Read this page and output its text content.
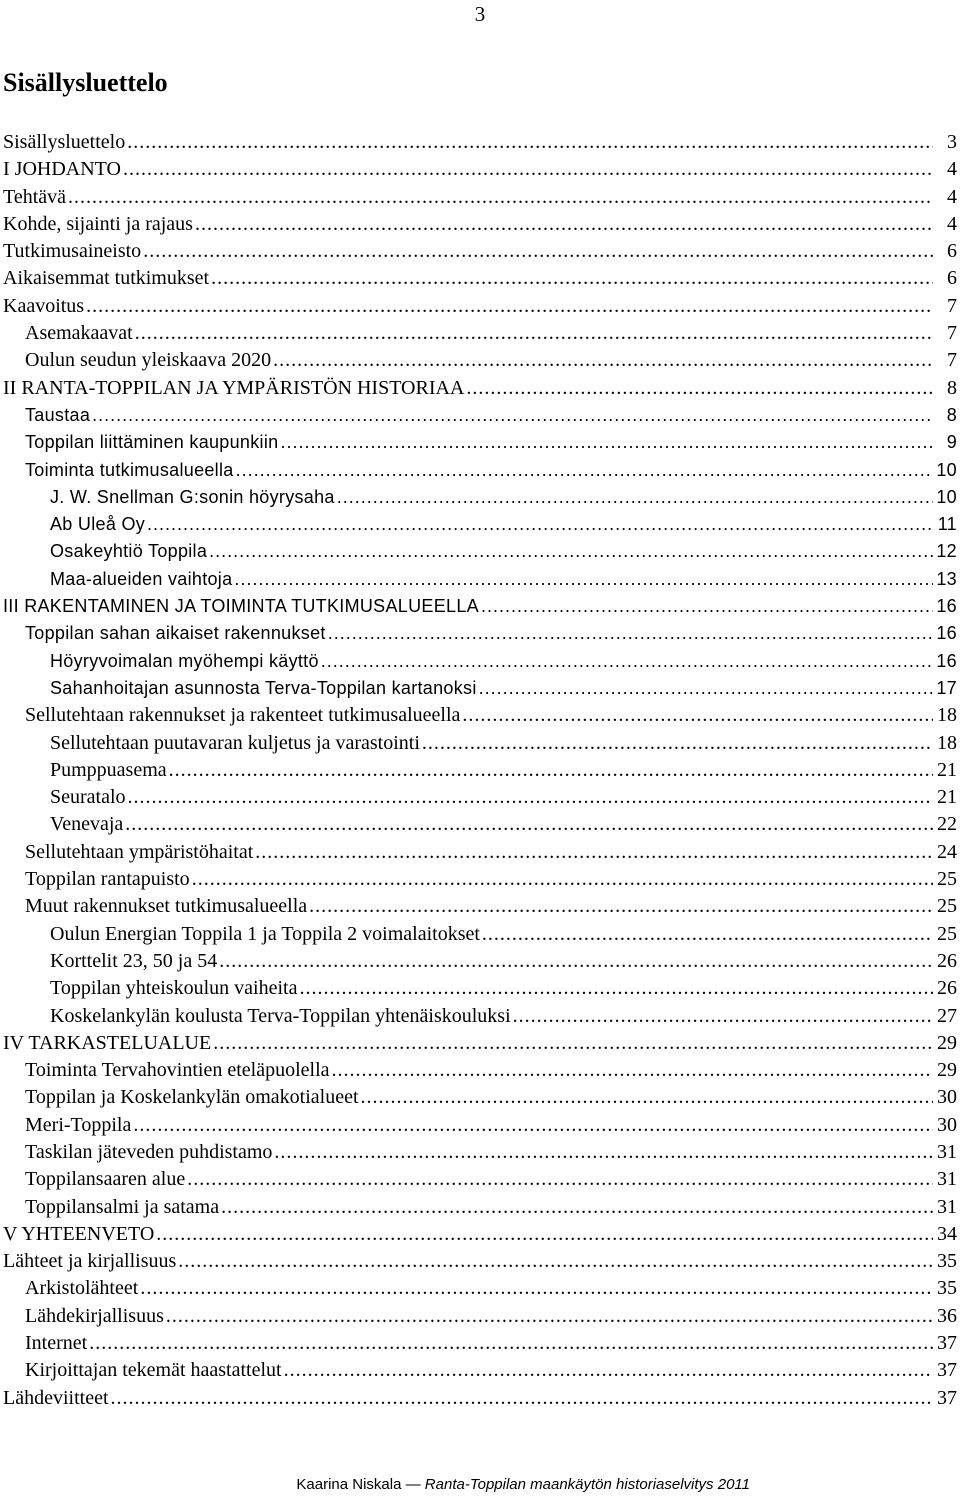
3
Sisällysluettelo
Sisällysluettelo .....	3
I JOHDANTO .....	4
Tehtävä .....	4
Kohde, sijainti ja rajaus .....	4
Tutkimusaineisto .....	6
Aikaisemmat tutkimukset .....	6
Kaavoitus .....	7
Asemakaavat .....	7
Oulun seudun yleiskaava 2020 .....	7
II RANTA-TOPPILAN JA YMPÄRISTÖN HISTORIAA .....	8
Taustaa .....	8
Toppilan liittäminen kaupunkiin .....	9
Toiminta tutkimusalueella .....	10
J. W. Snellman G:sonin höyrysaha .....	10
Ab Uleå Oy .....	11
Osakeyhtiö Toppila .....	12
Maa-alueiden vaihtoja .....	13
III RAKENTAMINEN JA TOIMINTA TUTKIMUSALUEELLA .....	16
Toppilan sahan aikaiset rakennukset .....	16
Höyryvoimalan myöhempi käyttö .....	16
Sahanhoitajan asunnosta Terva-Toppilan kartanoksi .....	17
Sellutehtaan rakennukset ja rakenteet tutkimusalueella .....	18
Sellutehtaan puutavaran kuljetus ja varastointi .....	18
Pumppuasema .....	21
Seuratalo .....	21
Venevaja .....	22
Sellutehtaan ympäristöhaitat .....	24
Toppilan rantapuisto .....	25
Muut rakennukset tutkimusalueella .....	25
Oulun Energian Toppila 1 ja Toppila 2 voimalaitokset .....	25
Korttelit 23, 50 ja 54 .....	26
Toppilan yhteiskoulun vaiheita .....	26
Koskelankylän koulusta Terva-Toppilan yhtenäiskouluksi .....	27
IV TARKASTELUALUE .....	29
Toiminta Tervahovintien eteläpuolella .....	29
Toppilan ja Koskelankylän omakotialueet .....	30
Meri-Toppila .....	30
Taskilan jäteveden puhdistamo .....	31
Toppilansaaren alue .....	31
Toppilansalmi ja satama .....	31
V YHTEENVETO .....	34
Lähteet ja kirjallisuus .....	35
Arkistolähteet .....	35
Lähdekirjallisuus .....	36
Internet .....	37
Kirjoittajan tekemät haastattelut .....	37
Lähdeviitteet .....	37
Kaarina Niskala — Ranta-Toppilan maankäytön historiaselvitys 2011
